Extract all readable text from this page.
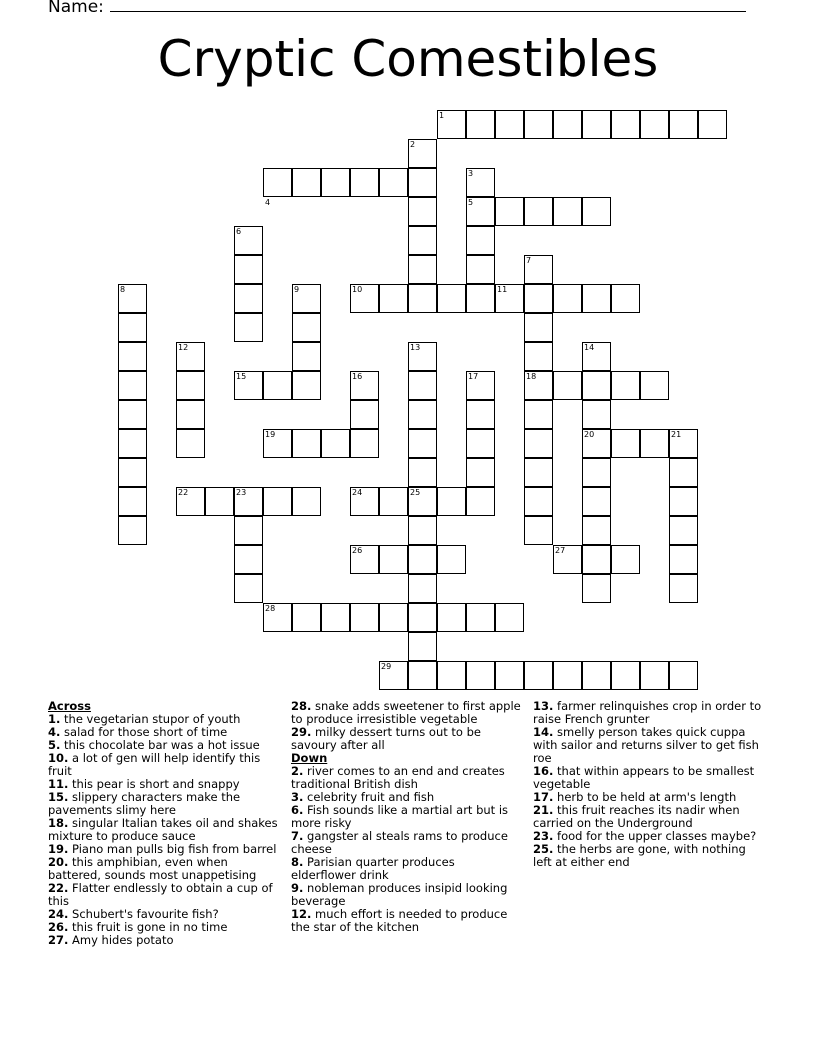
Name:
Cryptic Comestibles
1
2
3
4	5
6
7
8	9	10	11
12	13	14
15	16	17	18
19	20	21
22	23	24	25
26	27
28
29
Across
1. the vegetarian stupor of youth
4. salad for those short of time
5. this chocolate bar was a hot issue
10. a lot of gen will help identify this fruit
11. this pear is short and snappy
15. slippery characters make the pavements slimy here
18. singular Italian takes oil and shakes mixture to produce sauce
19. Piano man pulls big fish from barrel
20. this amphibian, even when battered, sounds most unappetising
22. Flatter endlessly to obtain a cup of this
24. Schubert's favourite fish?
26. this fruit is gone in no time
27. Amy hides potato
28. snake adds sweetener to first apple to produce irresistible vegetable
29. milky dessert turns out to be savoury after all
Down
2. river comes to an end and creates traditional British dish
3. celebrity fruit and fish
6. Fish sounds like a martial art but is more risky
7. gangster al steals rams to produce cheese
8. Parisian quarter produces elderflower drink
9. nobleman produces insipid looking beverage
12. much effort is needed to produce the star of the kitchen
13. farmer relinquishes crop in order to raise French grunter
14. smelly person takes quick cuppa with sailor and returns silver to get fish roe
16. that within appears to be smallest vegetable
17. herb to be held at arm's length
21. this fruit reaches its nadir when carried on the Underground
23. food for the upper classes maybe?
25. the herbs are gone, with nothing left at either end
